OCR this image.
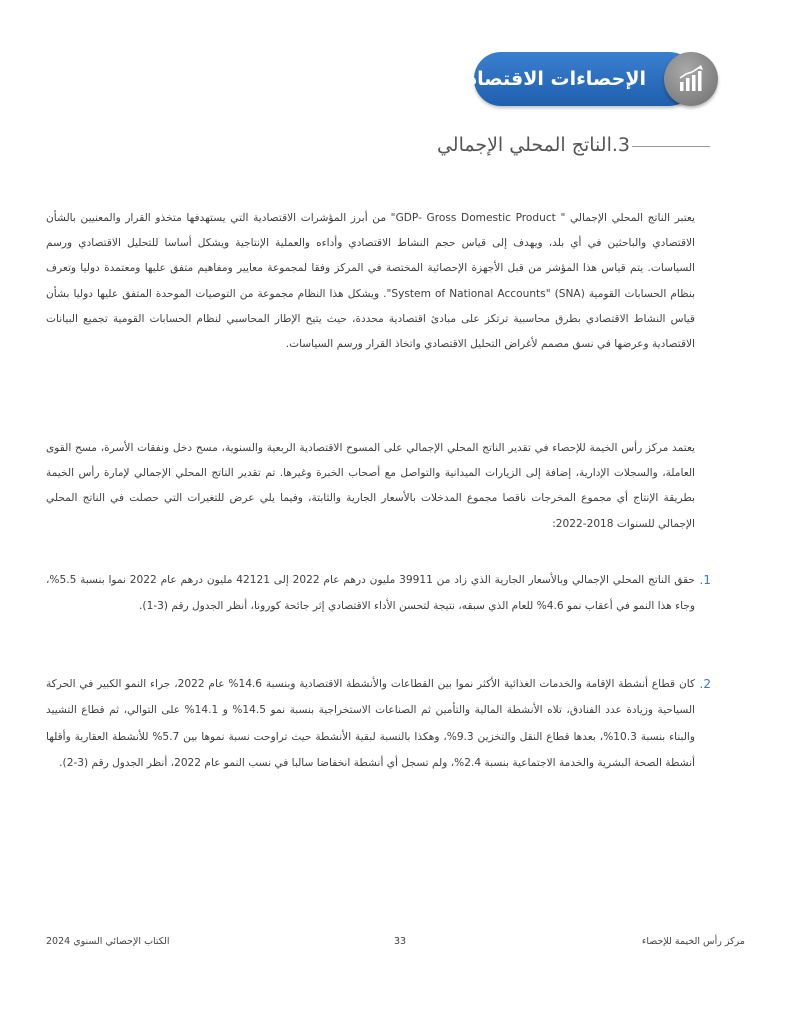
الإحصاءات الاقتصادية
3.الناتج المحلي الإجمالي

يعتبر الناتج المحلي الإجمالي " GDP- Gross Domestic Product" من أبرز المؤشرات الاقتصادية التي يستهدفها متخذو القرار والمعنيين بالشأن الاقتصادي والباحثين في أي بلد، ويهدف إلى قياس حجم النشاط الاقتصادي وأداءه والعملية الإنتاجية ويشكل أساسا للتحليل الاقتصادي ورسم السياسات. يتم قياس هذا المؤشر من قبل الأجهزة الإحصائية المختصة في المركز وفقا لمجموعة معايير ومفاهيم متفق عليها ومعتمدة دوليا وتعرف بنظام الحسابات القومية (SNA) "System of National Accounts". ويشكل هذا النظام مجموعة من التوصيات الموحدة المتفق عليها دوليا بشأن قياس النشاط الاقتصادي بطرق محاسبية ترتكز على مبادئ اقتصادية محددة، حيث يتيح الإطار المحاسبي لنظام الحسابات القومية تجميع البيانات الاقتصادية وعرضها في نسق مصمم لأغراض التحليل الاقتصادي واتخاذ القرار ورسم السياسات.

يعتمد مركز رأس الخيمة للإحصاء في تقدير الناتج المحلي الإجمالي على المسوح الاقتصادية الربعية والسنوية، مسح دخل ونفقات الأسرة، مسح القوى العاملة، والسجلات الإدارية، إضافة إلى الزيارات الميدانية والتواصل مع أصحاب الخبرة وغيرها. تم تقدير الناتج المحلي الإجمالي لإمارة رأس الخيمة بطريقة الإنتاج أي مجموع المخرجات ناقصا مجموع المدخلات بالأسعار الجارية والثابتة، وفيما يلي عرض للتغيرات التي حصلت في الناتج المحلي الإجمالي للسنوات 2018-2022:

1.

حقق الناتج المحلي الإجمالي وبالأسعار الجارية الذي زاد من 39911 مليون درهم عام 2022 إلى 42121 مليون درهم عام 2022 نموا بنسبة 5.5%، وجاء هذا النمو في أعقاب نمو 4.6% للعام الذي سبقه، نتيجة لتحسن الأداء الاقتصادي إثر جائحة كورونا، أنظر الجدول رقم (3-1).

2.

كان قطاع أنشطة الإقامة والخدمات الغذائية الأكثر نموا بين القطاعات والأنشطة الاقتصادية وبنسبة 14.6% عام 2022، جراء النمو الكبير في الحركة السياحية وزيادة عدد الفنادق، تلاه الأنشطة المالية والتأمين ثم الصناعات الاستخراجية بنسبة نمو 14.5% و 14.1% على التوالي، ثم قطاع التشييد والبناء بنسبة 10.3%، بعدها قطاع النقل والتخزين 9.3%، وهكذا بالنسبة لبقية الأنشطة حيث تراوحت نسبة نموها بين 5.7% للأنشطة العقارية وأقلها أنشطة الصحة البشرية والخدمة الاجتماعية بنسبة 2.4%، ولم تسجل أي أنشطة انخفاضا سالبا في نسب النمو عام 2022، أنظر الجدول رقم (3-2).

مركز رأس الخيمة للإحصاء
33
الكتاب الإحصائي السنوي 2024
